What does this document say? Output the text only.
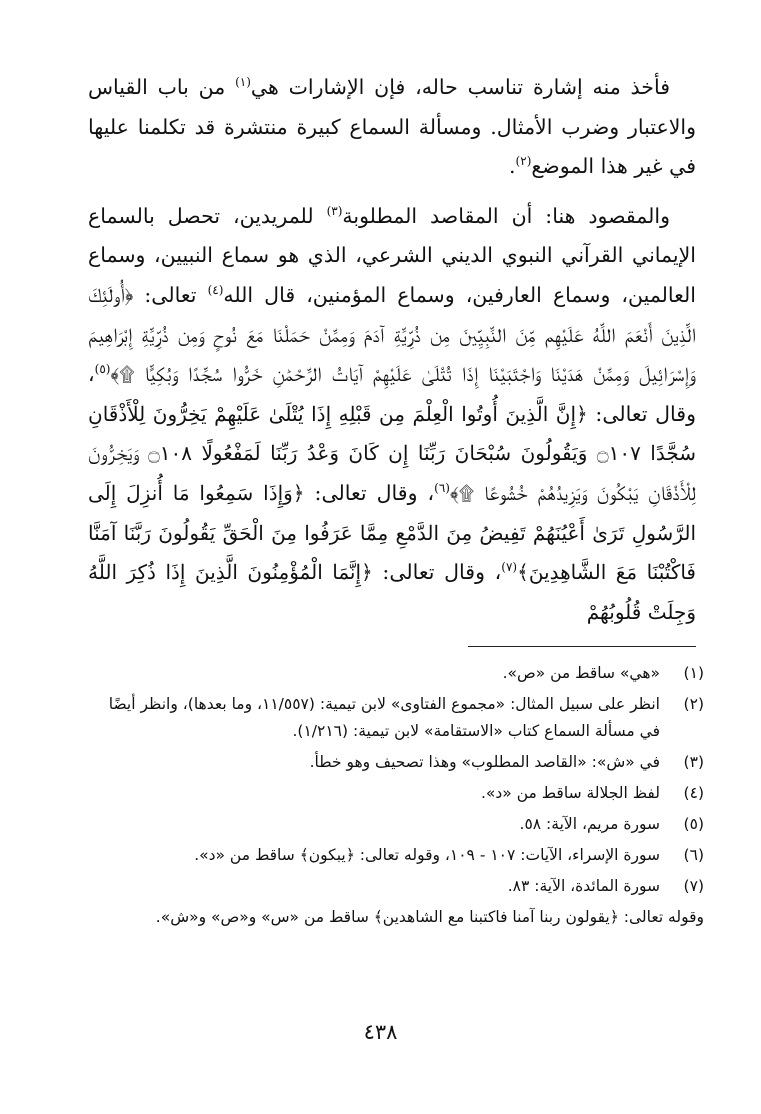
فأخذ منه إشارة تناسب حاله، فإن الإشارات هي$^{(١)}$ من باب القياس والاعتبار وضرب الأمثال. ومسألة السماع كبيرة منتشرة قد تكلمنا عليها في غير هذا الموضع$^{(٢)}$.

والمقصود هنا: أن المقاصد المطلوبة$^{(٣)}$ للمريدين، تحصل بالسماع الإيماني القرآني النبوي الديني الشرعي، الذي هو سماع النبيين، وسماع العالمين، وسماع العارفين، وسماع المؤمنين، قال الله$^{(٤)}$ تعالى: ﴿أُولَئِكَ الَّذِينَ أَنْعَمَ اللَّهُ عَلَيْهِم مِّنَ النَّبِيِّينَ مِن ذُرِّيَّةِ آدَمَ وَمِمَّنْ حَمَلْنَا مَعَ نُوحٍ وَمِن ذُرِّيَّةِ إِبْرَاهِيمَ وَإِسْرَائِيلَ وَمِمَّنْ هَدَيْنَا وَاجْتَبَيْنَا إِذَا تُتْلَىٰ عَلَيْهِمْ آيَاتُ الرَّحْمَٰنِ خَرُّوا سُجَّدًا وَبُكِيًّا ۩﴾$^{(٥)}$، وقال تعالى: ﴿إِنَّ الَّذِينَ أُوتُوا الْعِلْمَ مِن قَبْلِهِ إِذَا يُتْلَىٰ عَلَيْهِمْ يَخِرُّونَ لِلْأَذْقَانِ سُجَّدًا ۝١٠٧ وَيَقُولُونَ سُبْحَانَ رَبِّنَا إِن كَانَ وَعْدُ رَبِّنَا لَمَفْعُولًا ۝١٠٨ وَيَخِرُّونَ لِلْأَذْقَانِ يَبْكُونَ وَيَزِيدُهُمْ خُشُوعًا ۩﴾$^{(٦)}$، وقال تعالى: ﴿وَإِذَا سَمِعُوا مَا أُنزِلَ إِلَى الرَّسُولِ تَرَىٰ أَعْيُنَهُمْ تَفِيضُ مِنَ الدَّمْعِ مِمَّا عَرَفُوا مِنَ الْحَقِّ يَقُولُونَ رَبَّنَا آمَنَّا فَاكْتُبْنَا مَعَ الشَّاهِدِينَ﴾$^{(٧)}$، وقال تعالى: ﴿إِنَّمَا الْمُؤْمِنُونَ الَّذِينَ إِذَا ذُكِرَ اللَّهُ وَجِلَتْ قُلُوبُهُمْ

(١)
«هي» ساقط من «ص».
(٢)
انظر على سبيل المثال: «مجموع الفتاوى» لابن تيمية: (١١/٥٥٧، وما بعدها)، وانظر أيضًا في مسألة السماع كتاب «الاستقامة» لابن تيمية: (١/٢١٦).
(٣)
في «ش»: «القاصد المطلوب» وهذا تصحيف وهو خطأ.
(٤)
لفظ الجلالة ساقط من «د».
(٥)
سورة مريم، الآية: ٥٨.
(٦)
سورة الإسراء، الآيات: ١٠٧ - ١٠٩، وقوله تعالى: ﴿يبكون﴾ ساقط من «د».
(٧)
سورة المائدة، الآية: ٨٣.
وقوله تعالى: ﴿يقولون ربنا آمنا فاكتبنا مع الشاهدين﴾ ساقط من «س» و«ص» و«ش».
٤٣٨
